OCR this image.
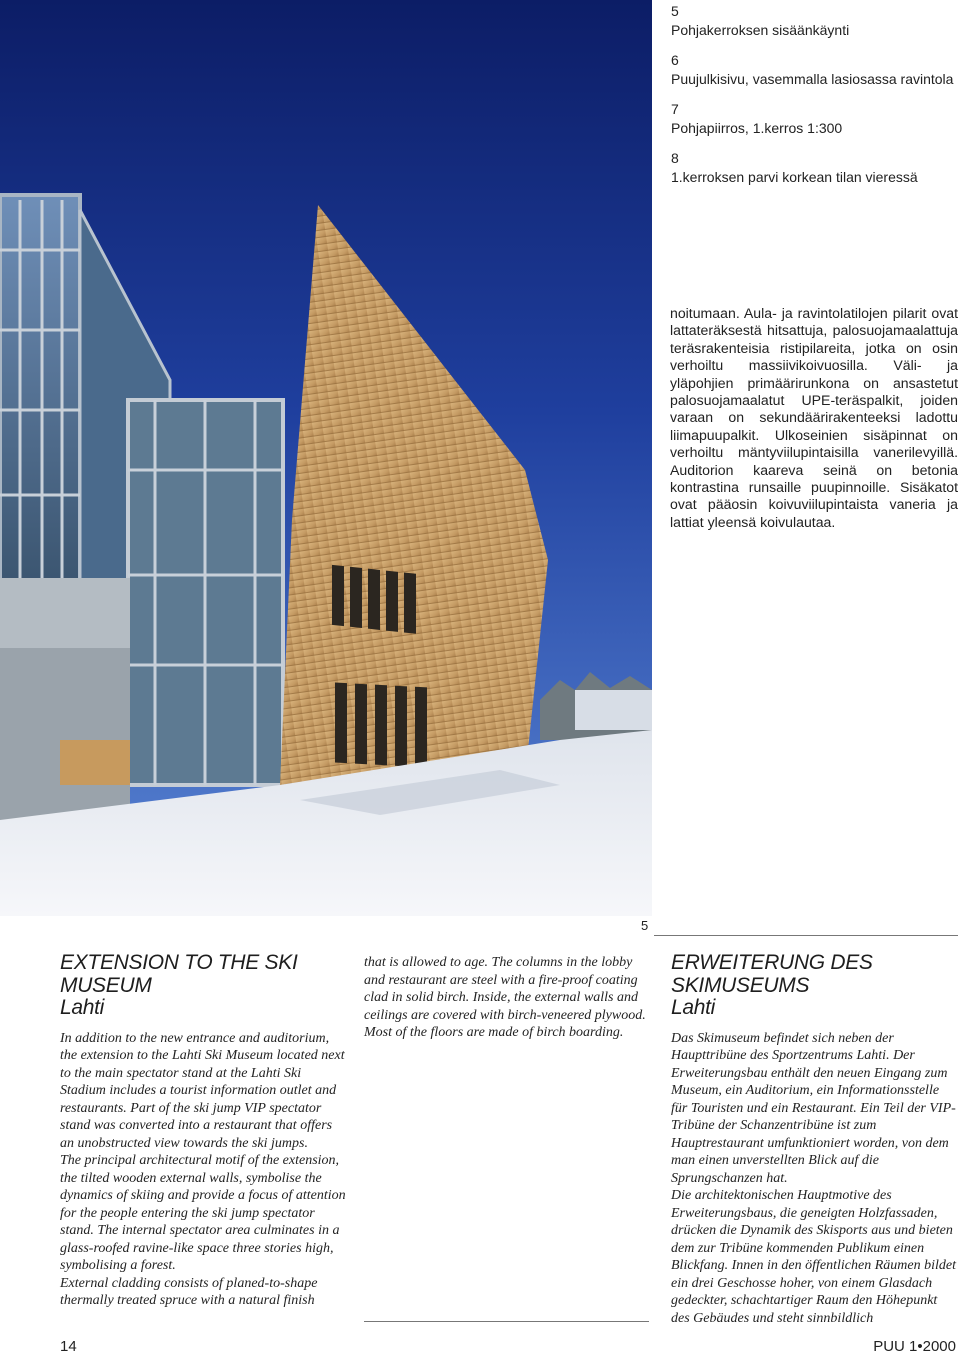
5
Pohjakerroksen sisäänkäynti
6
Puujulkisivu, vasemmalla lasiosassa ravintola
7
Pohjapiirros, 1.kerros 1:300
8
1.kerroksen parvi korkean tilan vieressä
noitumaan. Aula- ja ravintolatilojen pilarit ovat lattateräksestä hitsattuja, palosuojamaalattuja teräsrakenteisia ristipilareita, jotka on osin verhoiltu massiivikoivuosilla. Väli- ja yläpohjien primäärirunkona on ansastetut palosuojamaalatut UPE-teräspalkit, joiden varaan on sekundäärirakenteeksi ladottu liimapuupalkit. Ulkoseinien sisäpinnat on verhoiltu mäntyviilupintaisilla vanerilevyillä. Auditorion kaareva seinä on betonia kontrastina runsaille puupinnoille. Sisäkatot ovat pääosin koivuviilupintaista vaneria ja lattiat yleensä koivulautaa.
5
EXTENSION TO THE SKI
MUSEUM
Lahti

In addition to the new entrance and auditorium, the extension to the Lahti Ski Museum located next to the main spectator stand at the Lahti Ski Stadium includes a tourist information outlet and restaurants. Part of the ski jump VIP spectator stand was converted into a restaurant that offers an unobstructed view towards the ski jumps.

The principal architectural motif of the extension, the tilted wooden external walls, symbolise the dynamics of skiing and provide a focus of attention for the people entering the ski jump spectator stand. The internal spectator area culminates in a glass-roofed ravine-like space three stories high, symbolising a forest.

External cladding consists of planed-to-shape thermally treated spruce with a natural finish

that is allowed to age. The columns in the lobby and restaurant are steel with a fire-proof coating clad in solid birch. Inside, the external walls and ceilings are covered with birch-veneered plywood. Most of the floors are made of birch boarding.

ERWEITERUNG DES
SKIMUSEUMS
Lahti

Das Skimuseum befindet sich neben der Haupttribüne des Sportzentrums Lahti. Der Erweiterungsbau enthält den neuen Eingang zum Museum, ein Auditorium, ein Informationsstelle für Touristen und ein Restaurant. Ein Teil der VIP-Tribüne der Schanzentribüne ist zum Hauptrestaurant umfunktioniert worden, von dem man einen unverstellten Blick auf die Sprungschanzen hat.

Die architektonischen Hauptmotive des Erweiterungsbaus, die geneigten Holzfassaden, drücken die Dynamik des Skisports aus und bieten dem zur Tribüne kommenden Publikum einen Blickfang. Innen in den öffentlichen Räumen bildet ein drei Geschosse hoher, von einem Glasdach gedeckter, schachtartiger Raum den Höhepunkt des Gebäudes und steht sinnbildlich

14	PUU 1•2000
